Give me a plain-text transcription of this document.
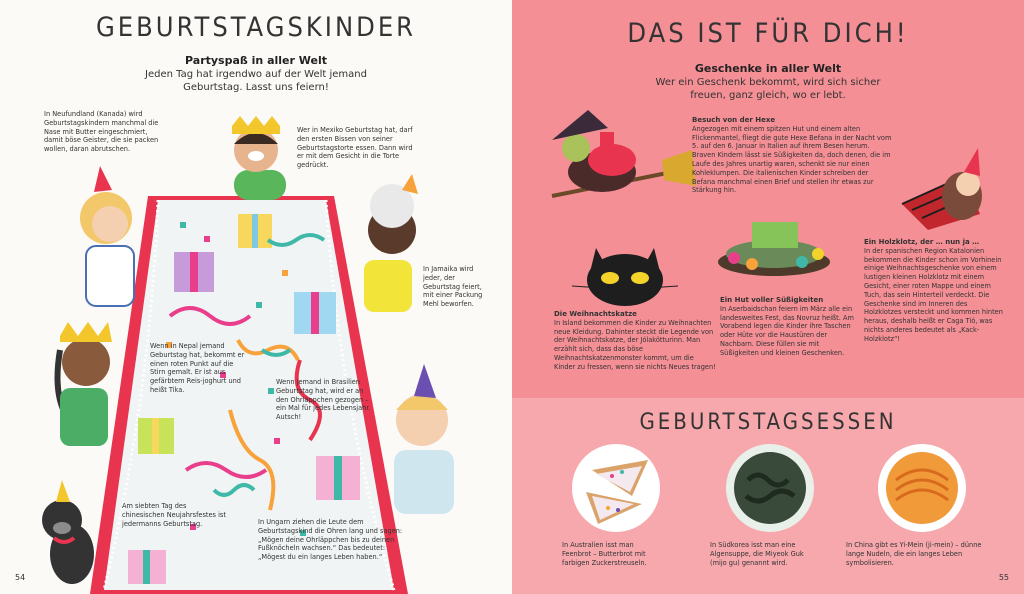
GEBURTSTAGSKINDER
Partyspaß in aller Welt
Jeden Tag hat irgendwo auf der Welt jemand Geburtstag. Lasst uns feiern!
In Neufundland (Kanada) wird Geburtstagskindern manchmal die Nase mit Butter eingeschmiert, damit böse Geister, die sie packen wollen, daran abrutschen.
Wer in Mexiko Geburtstag hat, darf den ersten Bissen von seiner Geburtstagstorte essen. Dann wird er mit dem Gesicht in die Torte gedrückt.
In Jamaika wird jeder, der Geburtstag feiert, mit einer Packung Mehl beworfen.
Wenn in Nepal jemand Geburtstag hat, bekommt er einen roten Punkt auf die Stirn gemalt. Er ist aus gefärbtem Reis-joghurt und heißt Tika.
Wenn jemand in Brasilien Geburtstag hat, wird er an den Ohrläppchen gezogen – ein Mal für jedes Lebensjahr. Autsch!
Am siebten Tag des chinesischen Neujahrsfestes ist jedermanns Geburtstag.	In Ungarn ziehen die Leute dem Geburtstagskind die Ohren lang und sagen: „Mögen deine Ohrläppchen bis zu deinen Fußknöcheln wachsen.“ Das bedeutet: „Mögest du ein langes Leben haben.“
54
DAS IST FÜR DICH!
Geschenke in aller Welt
Wer ein Geschenk bekommt, wird sich sicher freuen, ganz gleich, wo er lebt.
Besuch von der Hexe
Angezogen mit einem spitzen Hut und einem alten Flickenmantel, fliegt die gute Hexe Befana in der Nacht vom 5. auf den 6. Januar in Italien auf ihrem Besen herum. Braven Kindern lässt sie Süßigkeiten da, doch denen, die im Laufe des Jahres unartig waren, schenkt sie nur einen Kohleklumpen. Die italienischen Kinder schreiben der Befana manchmal einen Brief und stellen ihr etwas zur Stärkung hin.
Die Weihnachtskatze
In Island bekommen die Kinder zu Weihnachten neue Kleidung. Dahinter steckt die Legende von der Weihnachtskatze, der Jólakötturinn. Man erzählt sich, dass das böse Weihnachtskatzenmonster kommt, um die Kinder zu fressen, wenn sie nichts Neues tragen!
Ein Hut voller Süßigkeiten
In Aserbaidschan feiern im März alle ein landesweites Fest, das Novruz heißt. Am Vorabend legen die Kinder ihre Taschen oder Hüte vor die Haustüren der Nachbarn. Diese füllen sie mit Süßigkeiten und kleinen Geschenken.
Ein Holzklotz, der … nun ja …
In der spanischen Region Katalonien bekommen die Kinder schon im Vorhinein einige Weihnachtsgeschenke von einem lustigen kleinen Holzklotz mit einem Gesicht, einer roten Mappe und einem Tuch, das sein Hinterteil verdeckt. Die Geschenke sind im Inneren des Holzklotzes versteckt und kommen hinten heraus, deshalb heißt er Caga Tió, was nichts anderes bedeutet als „Kack-Holzklotz“!
GEBURTSTAGSESSEN
In Australien isst man Feenbrot – Butterbrot mit farbigen Zuckerstreuseln.
In Südkorea isst man eine Algensuppe, die Miyeok Guk (mijo gu) genannt wird.
In China gibt es Yi-Mein (ji-mein) – dünne lange Nudeln, die ein langes Leben symbolisieren.
55
